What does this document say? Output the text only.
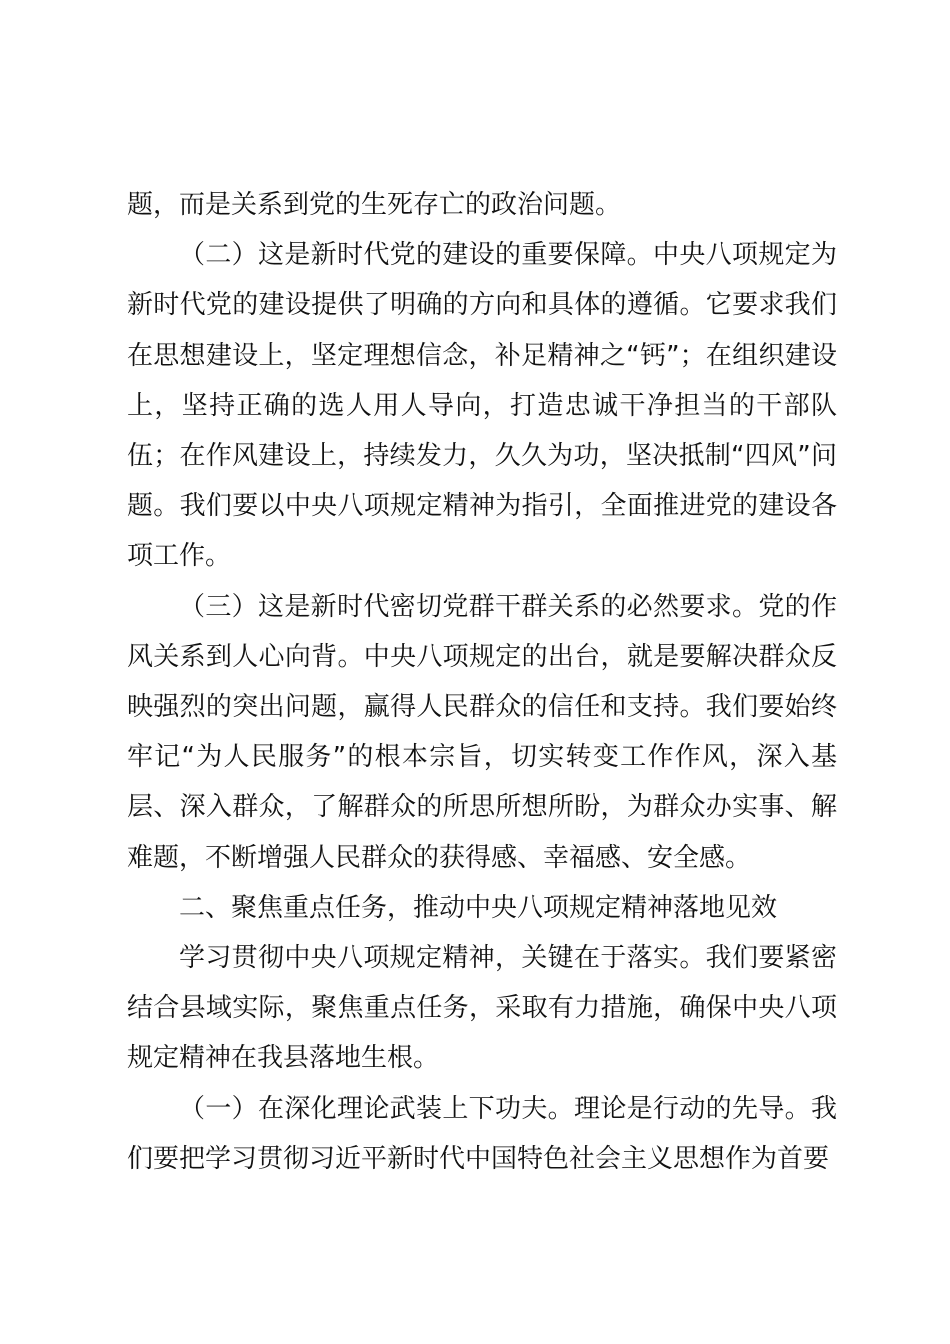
题，而是关系到党的生死存亡的政治问题。

（二）这是新时代党的建设的重要保障。中央八项规定为新时代党的建设提供了明确的方向和具体的遵循。它要求我们在思想建设上，坚定理想信念，补足精神之“钙”；在组织建设上，坚持正确的选人用人导向，打造忠诚干净担当的干部队伍；在作风建设上，持续发力，久久为功，坚决抵制“四风”问题。我们要以中央八项规定精神为指引，全面推进党的建设各项工作。

（三）这是新时代密切党群干群关系的必然要求。党的作风关系到人心向背。中央八项规定的出台，就是要解决群众反映强烈的突出问题，赢得人民群众的信任和支持。我们要始终牢记“为人民服务”的根本宗旨，切实转变工作作风，深入基层、深入群众，了解群众的所思所想所盼，为群众办实事、解难题，不断增强人民群众的获得感、幸福感、安全感。

二、聚焦重点任务，推动中央八项规定精神落地见效

学习贯彻中央八项规定精神，关键在于落实。我们要紧密结合县域实际，聚焦重点任务，采取有力措施，确保中央八项规定精神在我县落地生根。

（一）在深化理论武装上下功夫。理论是行动的先导。我们要把学习贯彻习近平新时代中国特色社会主义思想作为首要
